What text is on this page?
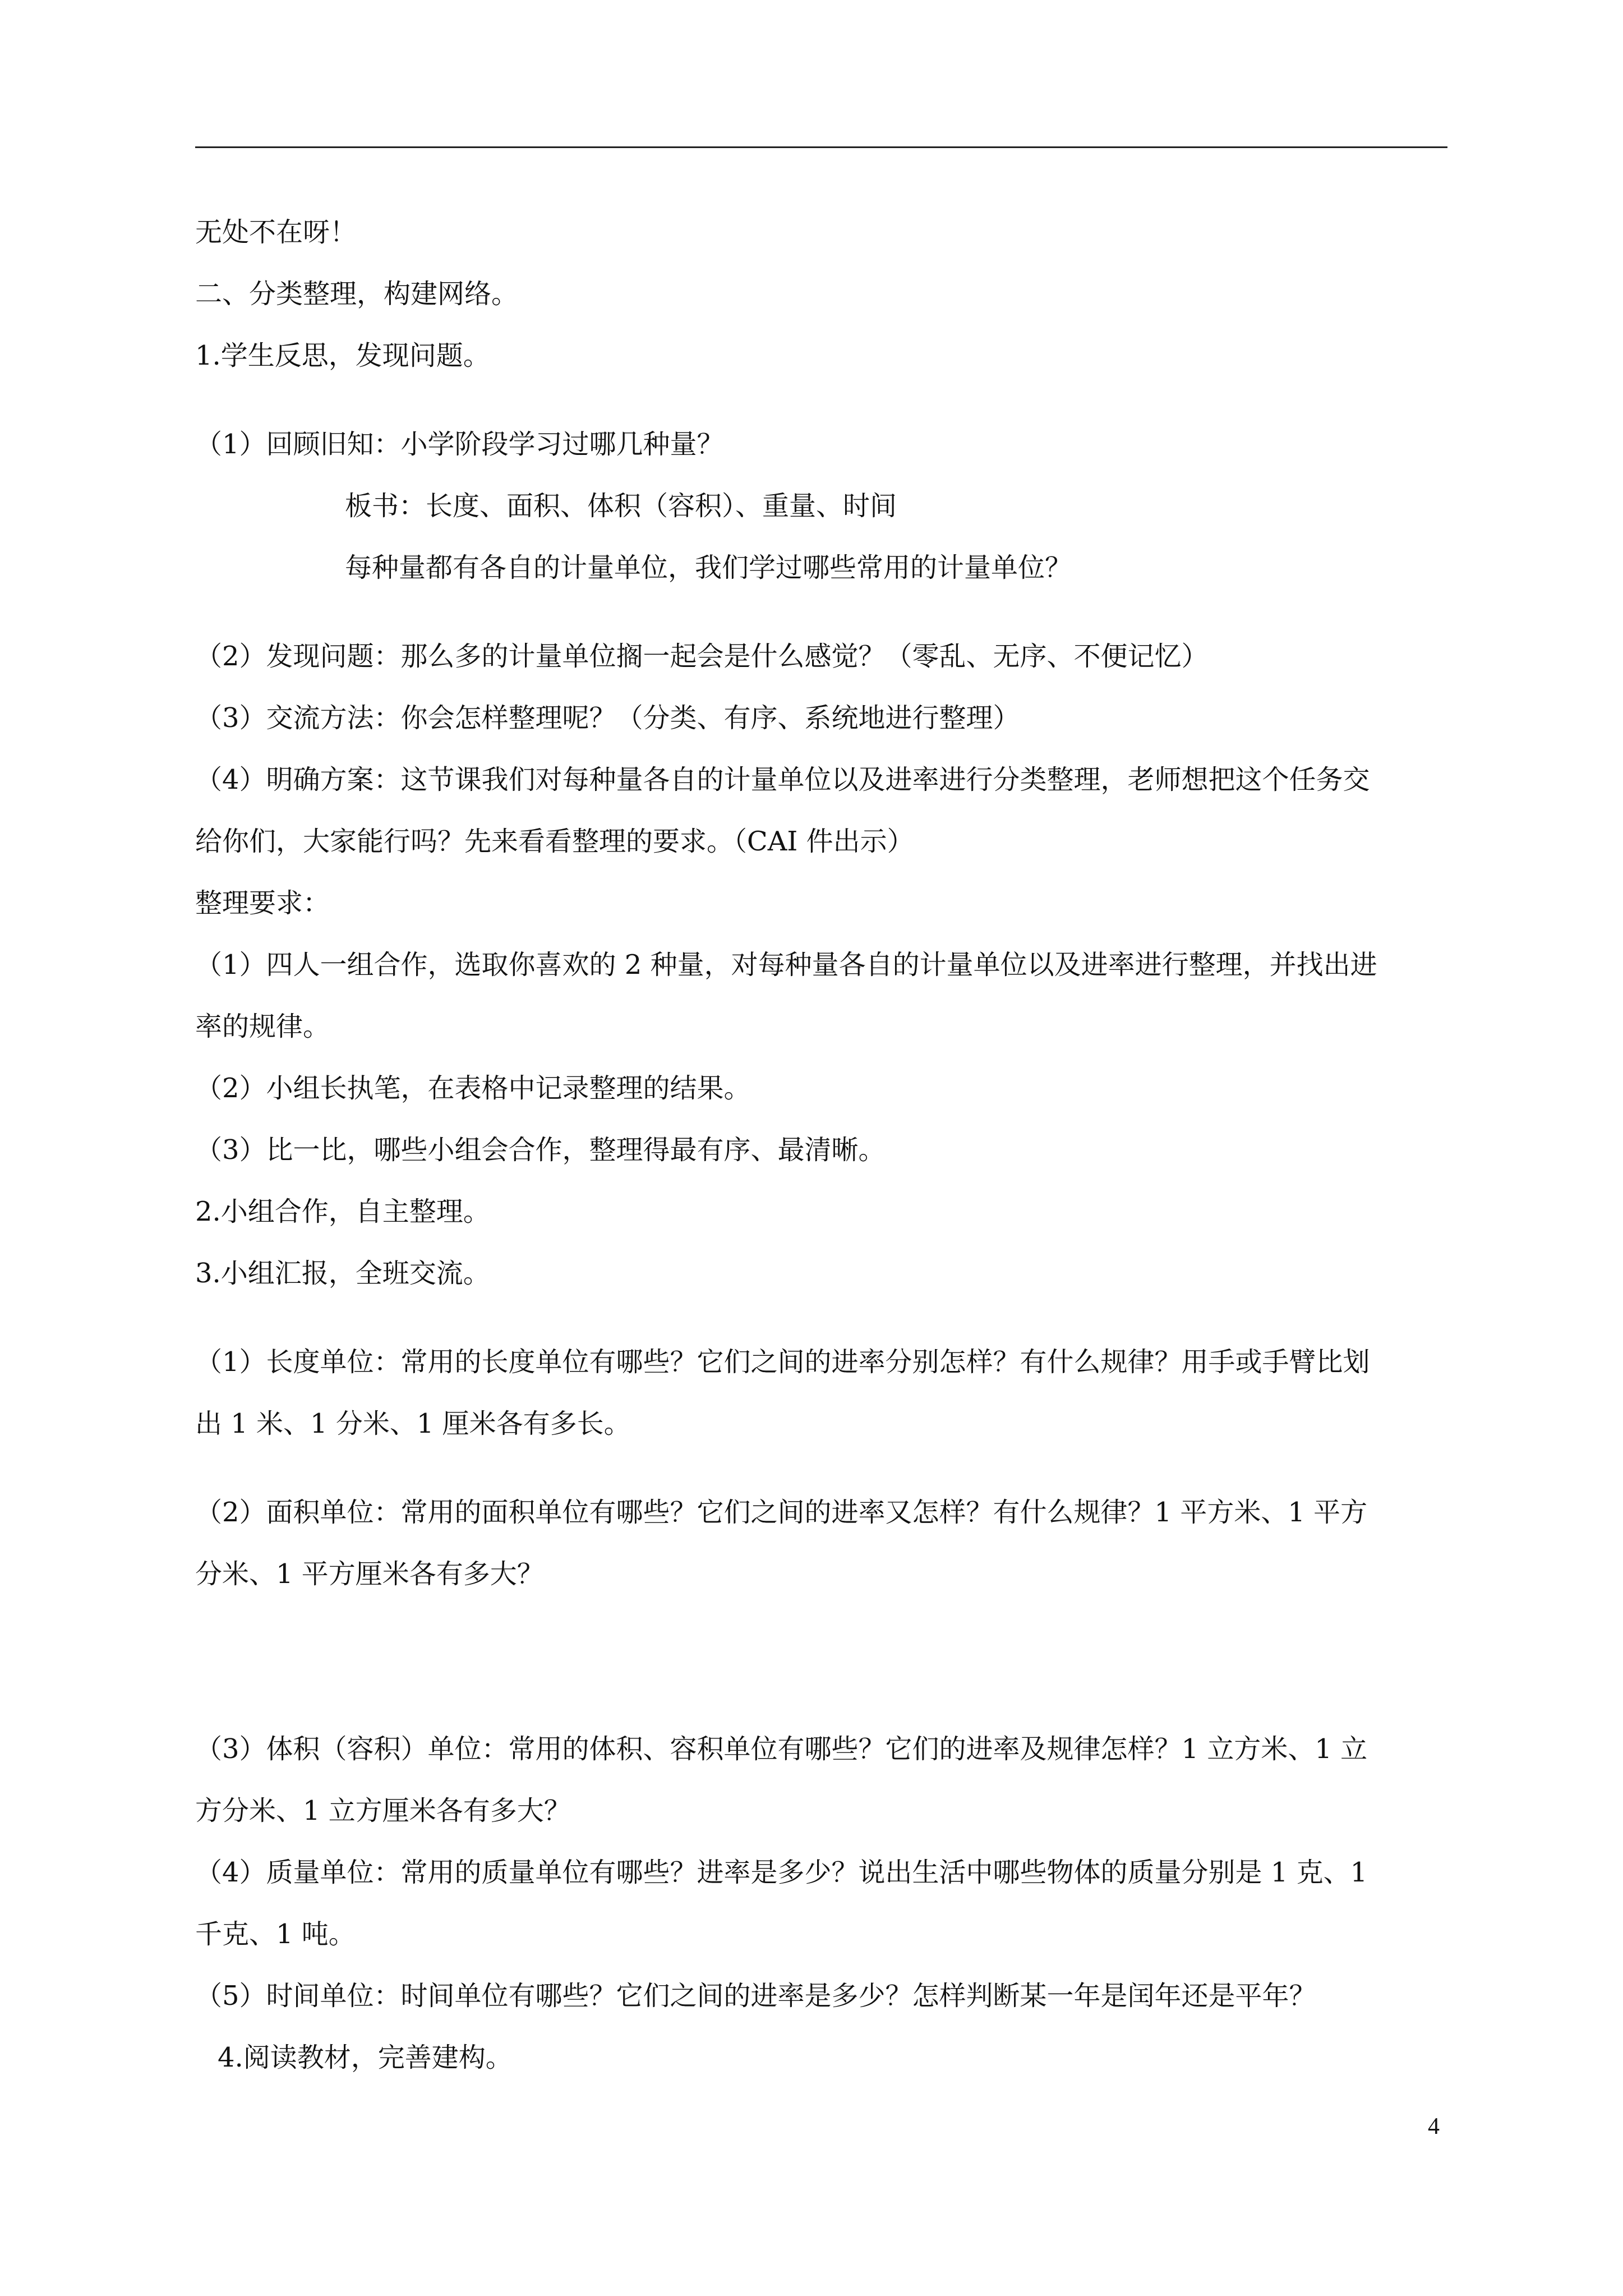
无处不在呀！
二、分类整理，构建网络。
1.学生反思，发现问题。
（1）回顾旧知：小学阶段学习过哪几种量？
板书：长度、面积、体积（容积）、重量、时间
每种量都有各自的计量单位，我们学过哪些常用的计量单位？
（2）发现问题：那么多的计量单位搁一起会是什么感觉？（零乱、无序、不便记忆）
（3）交流方法：你会怎样整理呢？（分类、有序、系统地进行整理）
（4）明确方案：这节课我们对每种量各自的计量单位以及进率进行分类整理，老师想把这个任务交
给你们，大家能行吗？先来看看整理的要求。（CAI 件出示）
整理要求：
（1）四人一组合作，选取你喜欢的 2 种量，对每种量各自的计量单位以及进率进行整理，并找出进
率的规律。
（2）小组长执笔，在表格中记录整理的结果。
（3）比一比，哪些小组会合作，整理得最有序、最清晰。
2.小组合作，自主整理。
3.小组汇报，全班交流。
（1）长度单位：常用的长度单位有哪些？它们之间的进率分别怎样？有什么规律？用手或手臂比划
出 1 米、1 分米、1 厘米各有多长。
（2）面积单位：常用的面积单位有哪些？它们之间的进率又怎样？有什么规律？1 平方米、1 平方
分米、1 平方厘米各有多大？
（3）体积（容积）单位：常用的体积、容积单位有哪些？它们的进率及规律怎样？1 立方米、1 立
方分米、1 立方厘米各有多大？
（4）质量单位：常用的质量单位有哪些？进率是多少？说出生活中哪些物体的质量分别是 1 克、1
千克、1 吨。
（5）时间单位：时间单位有哪些？它们之间的进率是多少？怎样判断某一年是闰年还是平年？
4.阅读教材，完善建构。
4
